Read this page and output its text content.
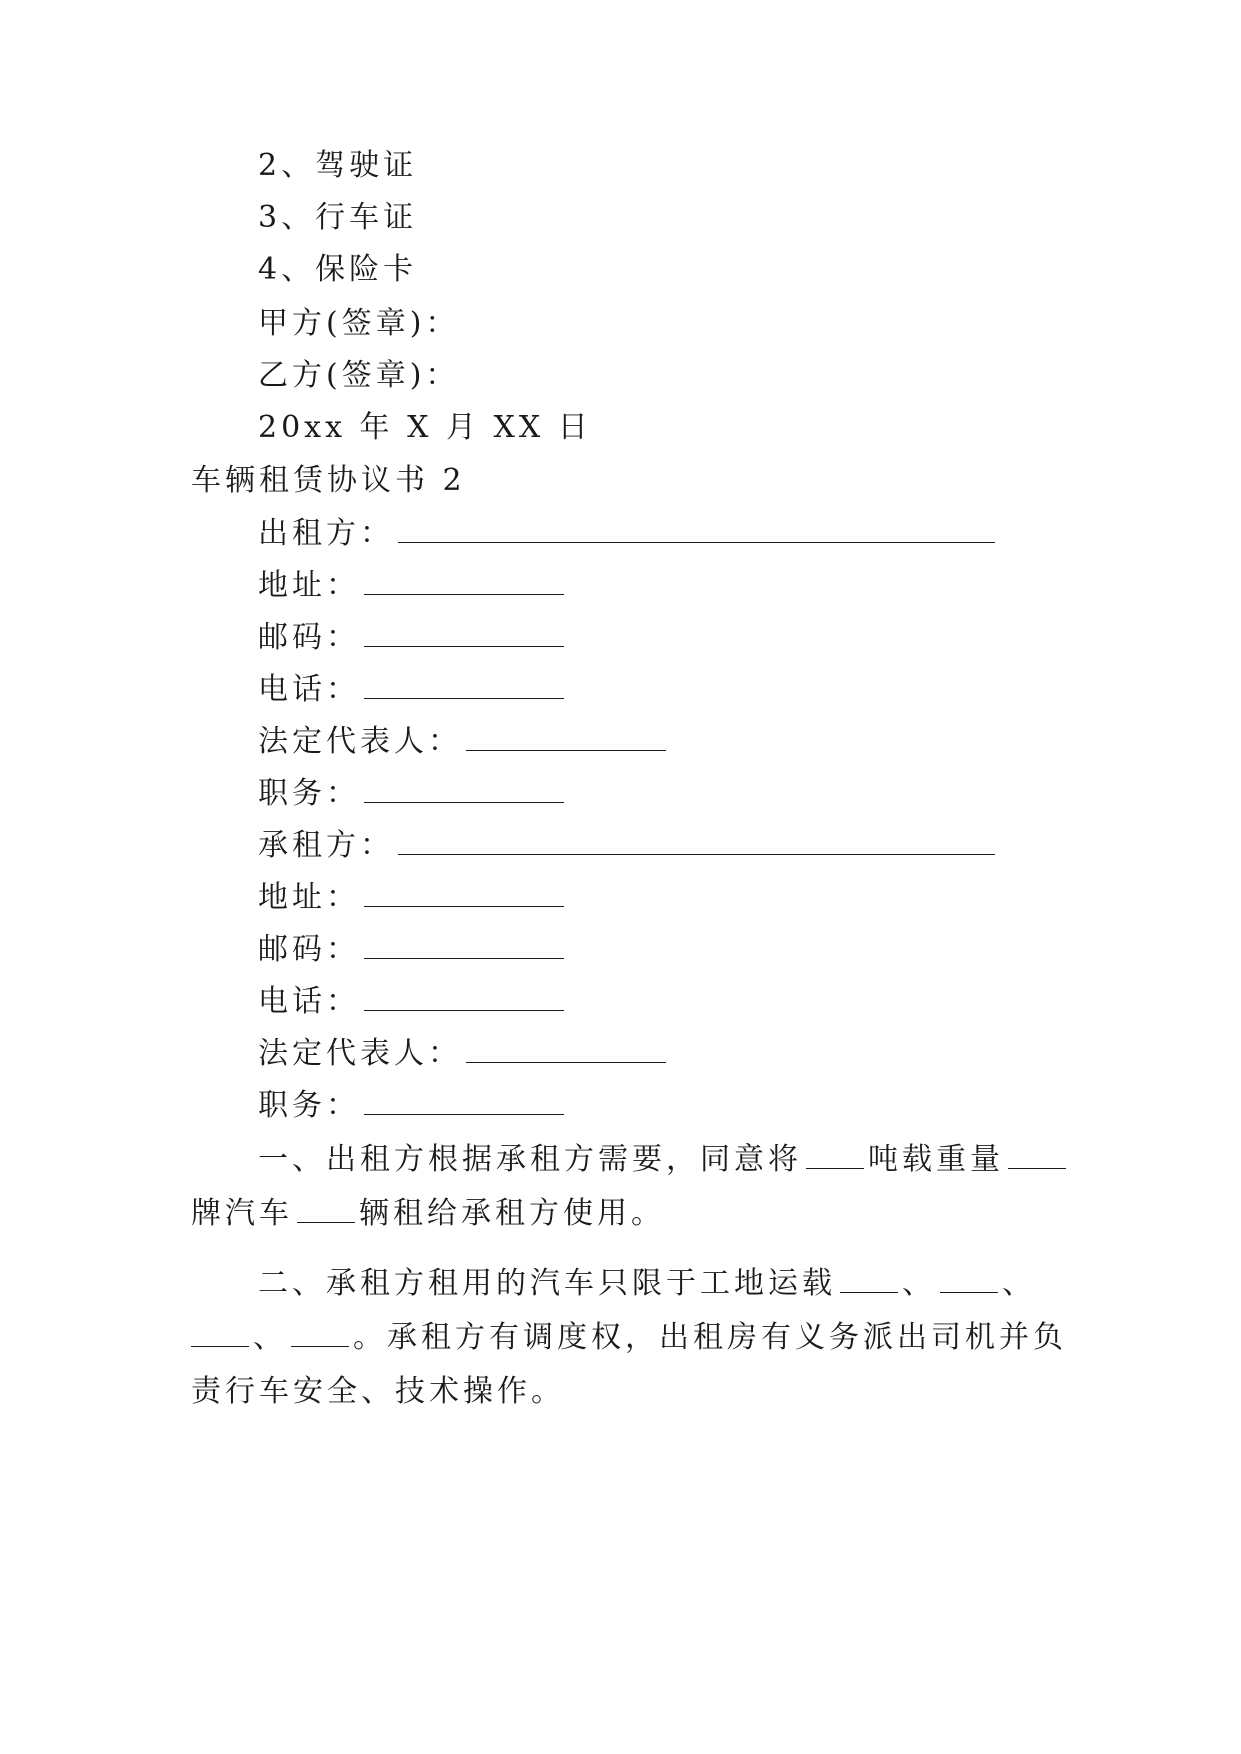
2、驾驶证
3、行车证
4、保险卡
甲方(签章)：
乙方(签章)：
20xx 年 X 月 XX 日
车辆租赁协议书 2
出租方：
地址：
邮码：
电话：
法定代表人：
职务：
承租方：
地址：
邮码：
电话：
法定代表人：
职务：
一、出租方根据承租方需要，同意将 吨载重量
牌汽车 辆租给承租方使用。
二、承租方租用的汽车只限于工地运载 、 、
、 。承租方有调度权，出租房有义务派出司机并负
责行车安全、技术操作。
